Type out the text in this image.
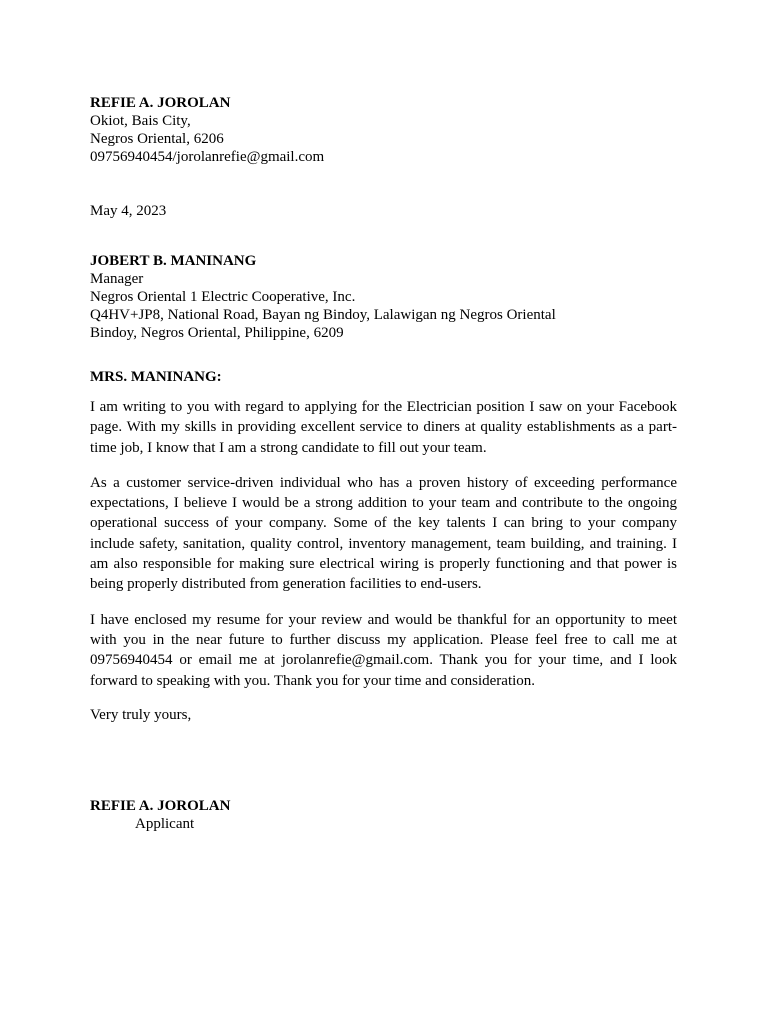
REFIE A. JOROLAN
Okiot, Bais City,
Negros Oriental, 6206
09756940454/jorolanrefie@gmail.com
May 4, 2023
JOBERT B. MANINANG
Manager
Negros Oriental 1 Electric Cooperative, Inc.
Q4HV+JP8, National Road, Bayan ng Bindoy, Lalawigan ng Negros Oriental
Bindoy, Negros Oriental, Philippine, 6209
MRS. MANINANG:

I am writing to you with regard to applying for the Electrician position I saw on your Facebook page. With my skills in providing excellent service to diners at quality establishments as a part-time job, I know that I am a strong candidate to fill out your team.

As a customer service-driven individual who has a proven history of exceeding performance expectations, I believe I would be a strong addition to your team and contribute to the ongoing operational success of your company. Some of the key talents I can bring to your company include safety, sanitation, quality control, inventory management, team building, and training. I am also responsible for making sure electrical wiring is properly functioning and that power is being properly distributed from generation facilities to end-users.

I have enclosed my resume for your review and would be thankful for an opportunity to meet with you in the near future to further discuss my application. Please feel free to call me at 09756940454 or email me at jorolanrefie@gmail.com. Thank you for your time, and I look forward to speaking with you. Thank you for your time and consideration.

Very truly yours,
REFIE A. JOROLAN
Applicant
